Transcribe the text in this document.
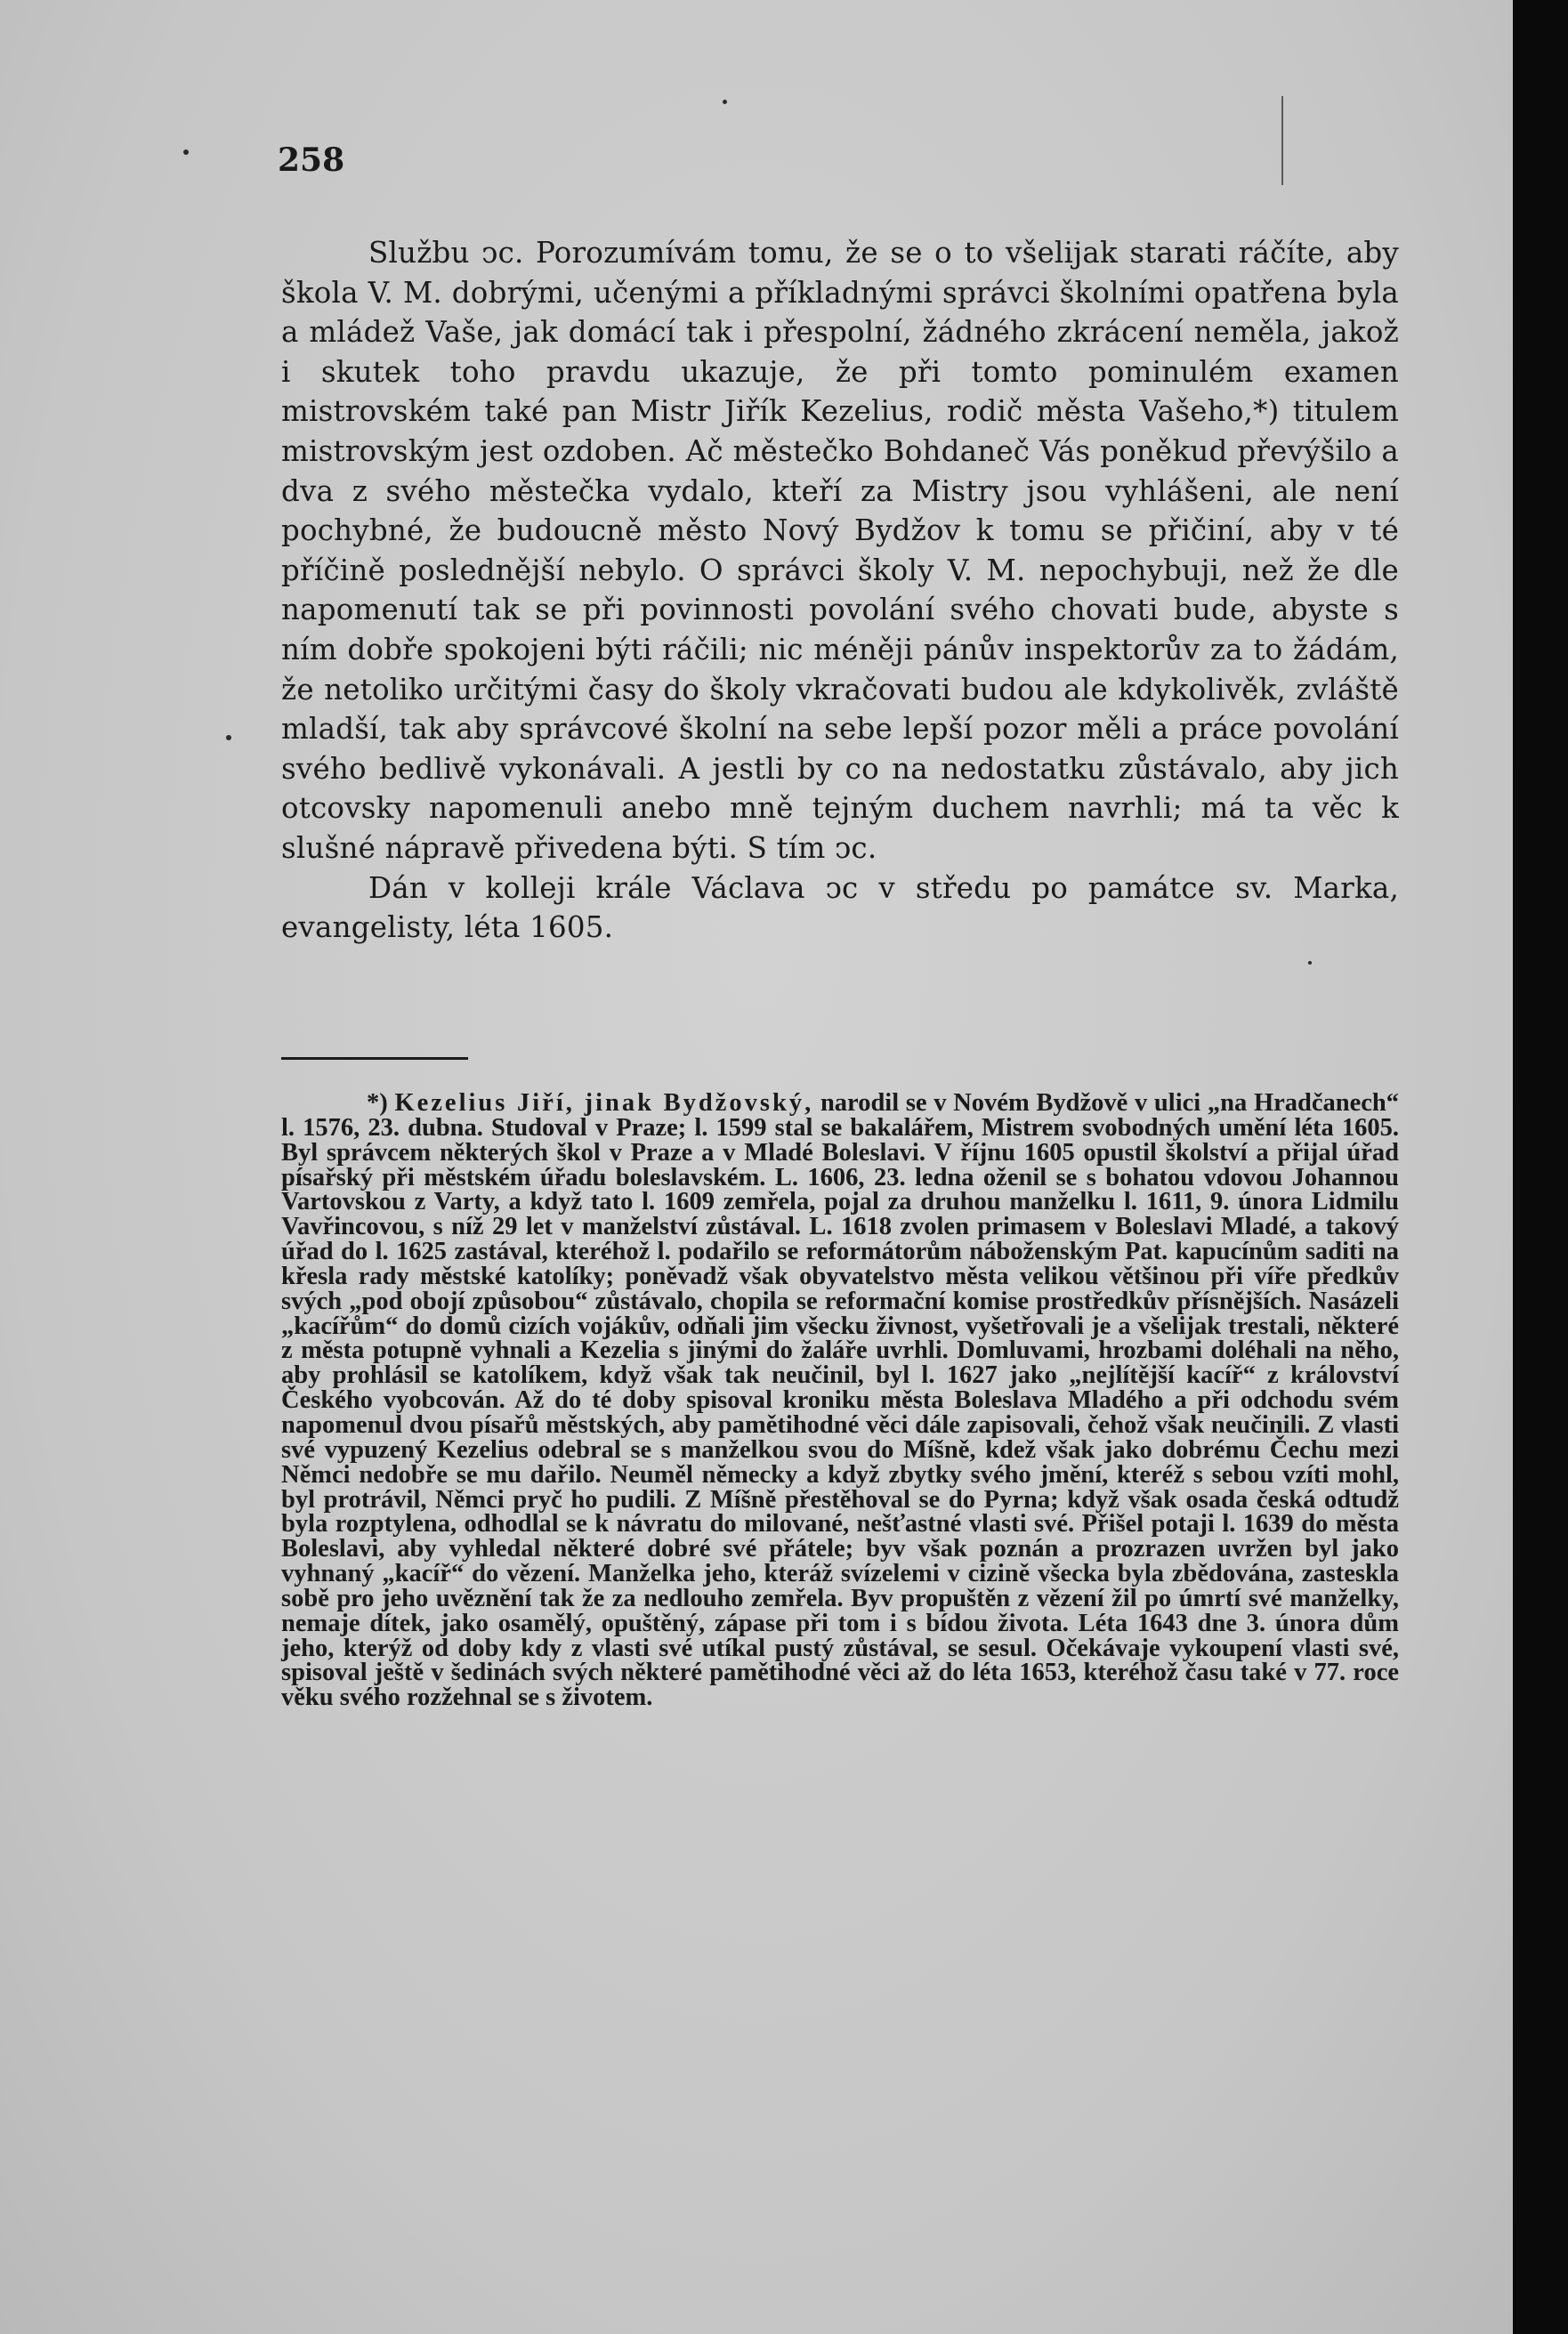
258

Službu ↄc. Porozumívám tomu, že se o to všelijak starati ráčíte, aby škola V. M. dobrými, učenými a příkladnými správci školními opatřena byla a mládež Vaše, jak domácí tak i přespolní, žádného zkrácení neměla, jakož i skutek toho pravdu ukazuje, že při tomto pominulém examen mistrovském také pan Mistr Jiřík Kezelius, rodič města Vašeho,*) titulem mistrovským jest ozdoben. Ač městečko Bohdaneč Vás poněkud převýšilo a dva z svého městečka vydalo, kteří za Mistry jsou vyhlášeni, ale není pochybné, že budoucně město Nový Bydžov k tomu se přičiní, aby v té příčině poslednější nebylo. O správci školy V. M. nepochybuji, než že dle napomenutí tak se při povinnosti povolání svého chovati bude, abyste s ním dobře spokojeni býti ráčili; nic méněji pánův inspektorův za to žádám, že netoliko určitými časy do školy vkračovati budou ale kdykolivěk, zvláště mladší, tak aby správcové školní na sebe lepší pozor měli a práce povolání svého bedlivě vykonávali. A jestli by co na nedostatku zůstávalo, aby jich otcovsky napomenuli anebo mně tejným duchem navrhli; má ta věc k slušné nápravě přivedena býti. S tím ↄc.

Dán v kolleji krále Václava ↄc v středu po památce sv. Marka, evangelisty, léta 1605.

*) Kezelius Jiří, jinak Bydžovský, narodil se v Novém Bydžově v ulici „na Hradčanech“ l. 1576, 23. dubna. Studoval v Praze; l. 1599 stal se bakalářem, Mistrem svobodných umění léta 1605. Byl správcem některých škol v Praze a v Mladé Boleslavi. V říjnu 1605 opustil školství a přijal úřad písařský při městském úřadu boleslavském. L. 1606, 23. ledna oženil se s bohatou vdovou Johannou Vartovskou z Varty, a když tato l. 1609 zemřela, pojal za druhou manželku l. 1611, 9. února Lidmilu Vavřincovou, s níž 29 let v manželství zůstával. L. 1618 zvolen primasem v Boleslavi Mladé, a takový úřad do l. 1625 zastával, kteréhož l. podařilo se reformátorům náboženským Pat. kapucínům saditi na křesla rady městské katolíky; poněvadž však obyvatelstvo města velikou většinou při víře předkův svých „pod obojí způsobou“ zůstávalo, chopila se reformační komise prostředkův přísnějších. Nasázeli „kacířům“ do domů cizích vojákův, odňali jim všecku živnost, vyšetřovali je a všelijak trestali, některé z města potupně vyhnali a Kezelia s jinými do žaláře uvrhli. Domluvami, hrozbami doléhali na něho, aby prohlásil se katolíkem, když však tak neučinil, byl l. 1627 jako „nejlítější kacíř“ z království Českého vyobcován. Až do té doby spisoval kroniku města Boleslava Mladého a při odchodu svém napomenul dvou písařů městských, aby pamětihodné věci dále zapisovali, čehož však neučinili. Z vlasti své vypuzený Kezelius odebral se s manželkou svou do Míšně, kdež však jako dobrému Čechu mezi Němci nedobře se mu dařilo. Neuměl německy a když zbytky svého jmění, kteréž s sebou vzíti mohl, byl protrávil, Němci pryč ho pudili. Z Míšně přestěhoval se do Pyrna; když však osada česká odtudž byla rozptylena, odhodlal se k návratu do milované, nešťastné vlasti své. Přišel potaji l. 1639 do města Boleslavi, aby vyhledal některé dobré své přátele; byv však poznán a prozrazen uvržen byl jako vyhnaný „kacíř“ do vězení. Manželka jeho, kteráž svízelemi v cizině všecka byla zbědována, zastesklа sobě pro jeho uvěznění tak že za nedlouho zemřela. Byv propuštěn z vězení žil po úmrtí své manželky, nemaje dítek, jako osamělý, opuštěný, zápase při tom i s bídou života. Léta 1643 dne 3. února dům jeho, kterýž od doby kdy z vlasti své utíkal pustý zůstával, se sesul. Očekávaje vykoupení vlasti své, spisoval ještě v šedinách svých některé pamětihodné věci až do léta 1653, kteréhož času také v 77. roce věku svého rozžehnal se s životem.
